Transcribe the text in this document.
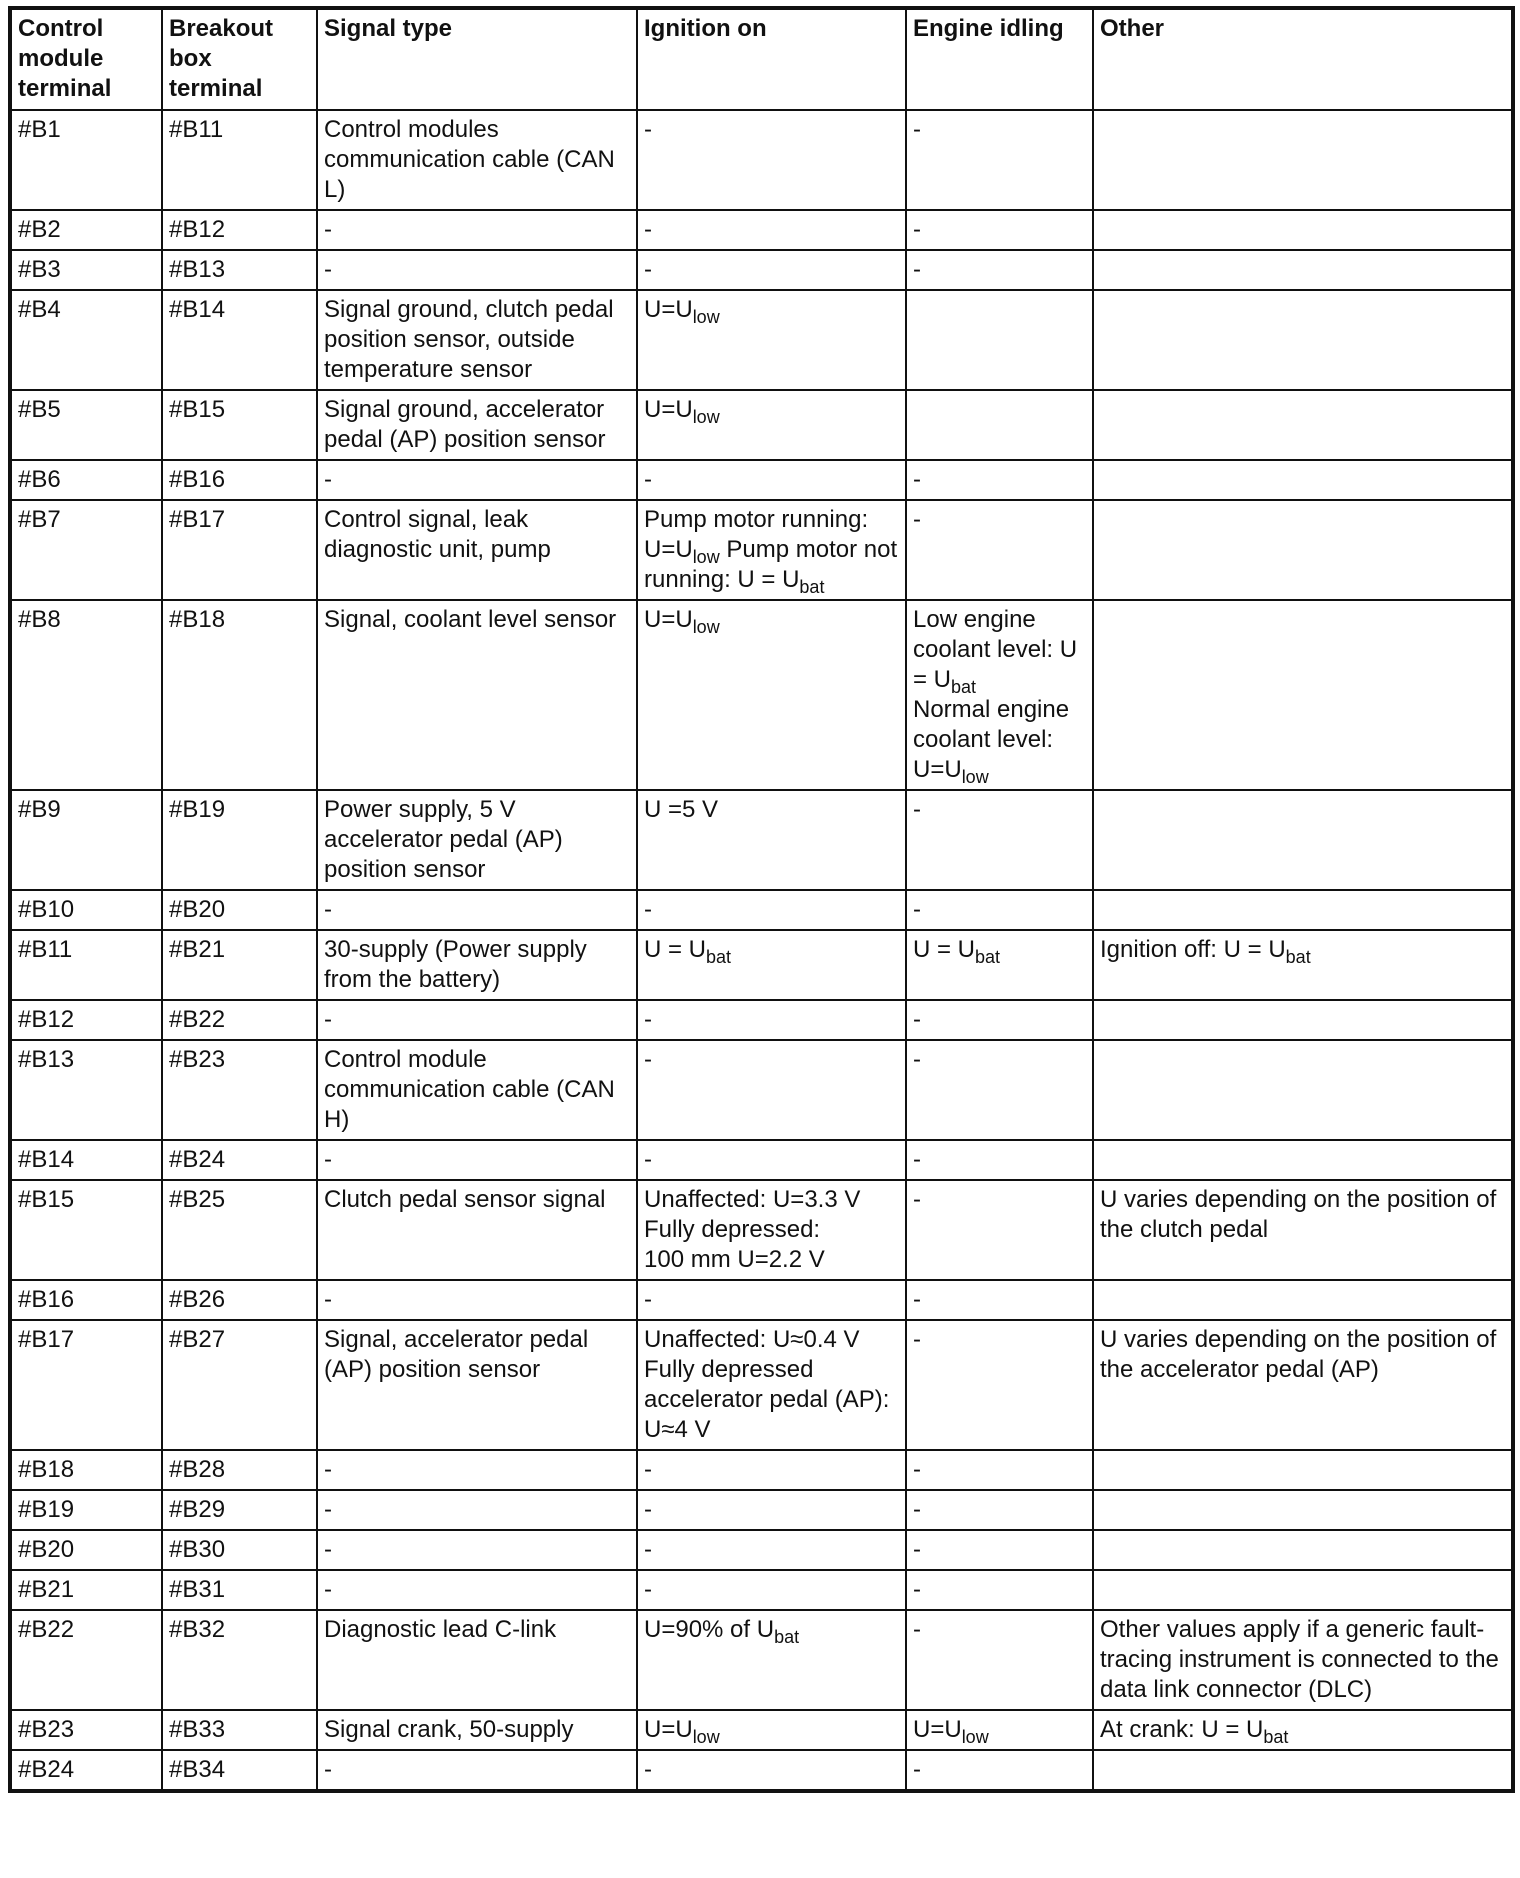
Control module terminal	Breakout box terminal	Signal type	Ignition on	Engine idling	Other
#B1	#B11	Control modules communication cable (CAN L)	-	-	
#B2	#B12	-	-	-	
#B3	#B13	-	-	-	
#B4	#B14	Signal ground, clutch pedal position sensor, outside temperature sensor	$U=U_{low}$		
#B5	#B15	Signal ground, accelerator pedal (AP) position sensor	$U=U_{low}$		
#B6	#B16	-	-	-	
#B7	#B17	Control signal, leak diagnostic unit, pump	Pump motor running: $U=U_{low}$ Pump motor not running: $U = U_{bat}$	-	
#B8	#B18	Signal, coolant level sensor	$U=U_{low}$	Low engine coolant level: $U = U_{bat}$
Normal engine coolant level: $U=U_{low}$	
#B9	#B19	Power supply, 5 V accelerator pedal (AP) position sensor	U =5 V	-	
#B10	#B20	-	-	-	
#B11	#B21	30-supply (Power supply from the battery)	$U = U_{bat}$	$U = U_{bat}$	Ignition off: $U = U_{bat}$
#B12	#B22	-	-	-	
#B13	#B23	Control module communication cable (CAN H)	-	-	
#B14	#B24	-	-	-	
#B15	#B25	Clutch pedal sensor signal	Unaffected: U=3.3 V
Fully depressed:
100 mm U=2.2 V	-	U varies depending on the position of the clutch pedal
#B16	#B26	-	-	-	
#B17	#B27	Signal, accelerator pedal (AP) position sensor	Unaffected: U≈0.4 V
Fully depressed accelerator pedal (AP): U≈4 V	-	U varies depending on the position of the accelerator pedal (AP)
#B18	#B28	-	-	-	
#B19	#B29	-	-	-	
#B20	#B30	-	-	-	
#B21	#B31	-	-	-	
#B22	#B32	Diagnostic lead C-link	U=90% of $U_{bat}$	-	Other values apply if a generic fault-tracing instrument is connected to the data link connector (DLC)
#B23	#B33	Signal crank, 50-supply	$U=U_{low}$	$U=U_{low}$	At crank: $U = U_{bat}$
#B24	#B34	-	-	-	
